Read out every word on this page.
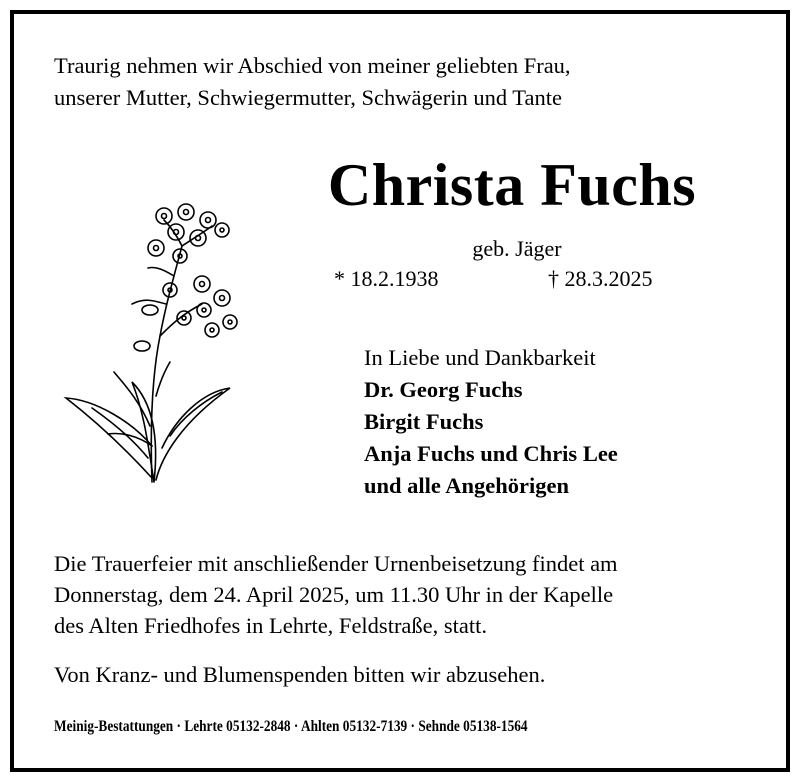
Traurig nehmen wir Abschied von meiner geliebten Frau,
unserer Mutter, Schwiegermutter, Schwägerin und Tante
Christa Fuchs
geb. Jäger
* 18.2.1938	† 28.3.2025
In Liebe und Dankbarkeit
Dr. Georg Fuchs
Birgit Fuchs
Anja Fuchs und Chris Lee
und alle Angehörigen
Die Trauerfeier mit anschließender Urnenbeisetzung findet am
Donnerstag, dem 24. April 2025, um 11.30 Uhr in der Kapelle
des Alten Friedhofes in Lehrte, Feldstraße, statt.
Von Kranz- und Blumenspenden bitten wir abzusehen.
Meinig-Bestattungen · Lehrte 05132-2848 · Ahlten 05132-7139 · Sehnde 05138-1564
